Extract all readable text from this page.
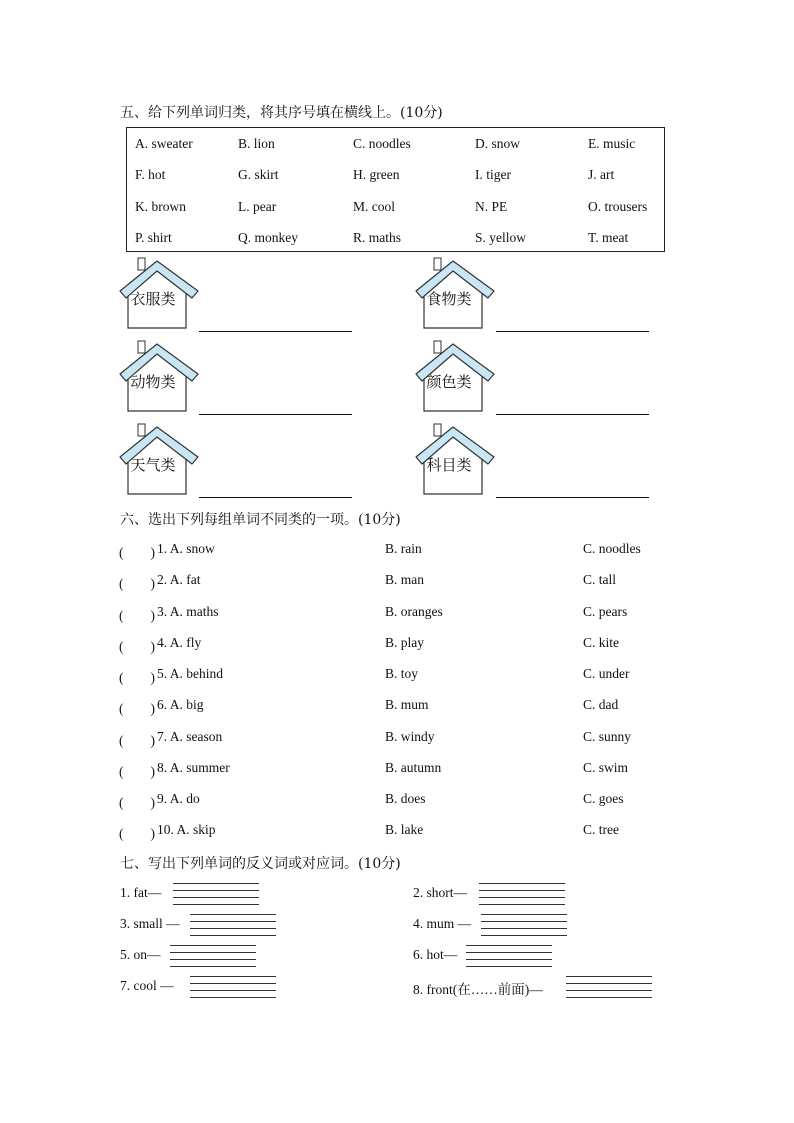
五、给下列单词归类，将其序号填在横线上。(10分)
A. sweater	B. lion	C. noodles	D. snow	E. music
F. hot	G. skirt	H. green	I. tiger	J. art
K. brown	L. pear	M. cool	N. PE	O. trousers
P. shirt	Q. monkey	R. maths	S. yellow	T. meat
衣服类	食物类
动物类	颜色类
天气类	科目类
六、选出下列每组单词不同类的一项。(10分)
(　　) 1. A. snow	B. rain	C. noodles
(　　) 2. A. fat	B. man	C. tall
(　　) 3. A. maths	B. oranges	C. pears
(　　) 4. A. fly	B. play	C. kite
(　　) 5. A. behind	B. toy	C. under
(　　) 6. A. big	B. mum	C. dad
(　　) 7. A. season	B. windy	C. sunny
(　　) 8. A. summer	B. autumn	C. swim
(　　) 9. A. do	B. does	C. goes
(　　) 10. A. skip	B. lake	C. tree
七、写出下列单词的反义词或对应词。(10分)
1. fat—	2. short—
3. small —	4. mum —
5. on—	6. hot—
7. cool —	8. front(在……前面)—
